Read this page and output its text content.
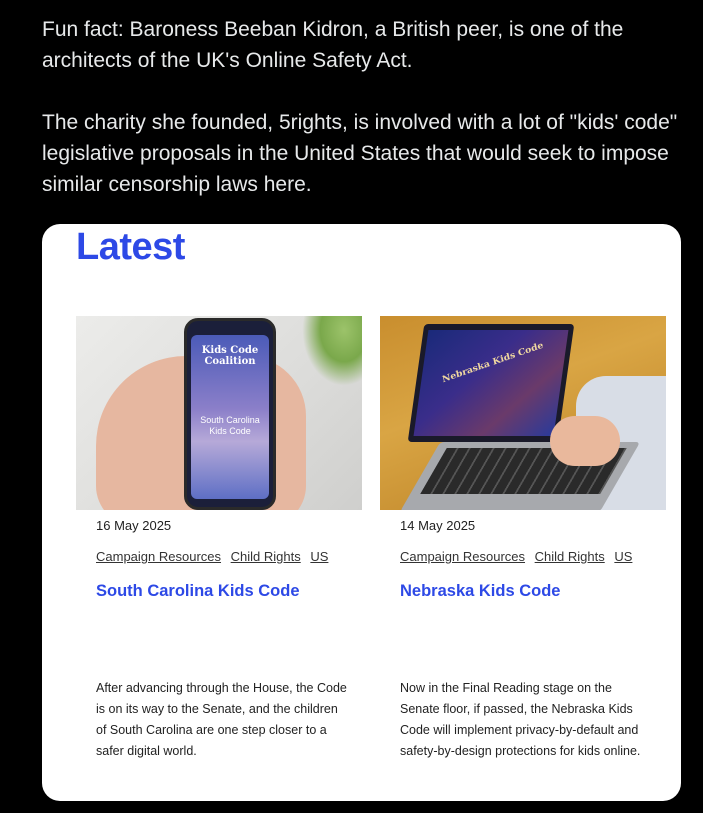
Fun fact: Baroness Beeban Kidron, a British peer, is one of the architects of the UK's Online Safety Act.

The charity she founded, 5rights, is involved with a lot of "kids' code" legislative proposals in the United States that would seek to impose similar censorship laws here.

Latest
Kids Code Coalition
South Carolina Kids Code
16 May 2025
Campaign Resources Child Rights US
South Carolina Kids Code
After advancing through the House, the Code is on its way to the Senate, and the children of South Carolina are one step closer to a safer digital world.
Nebraska Kids Code
14 May 2025
Campaign Resources Child Rights US
Nebraska Kids Code
Now in the Final Reading stage on the Senate floor, if passed, the Nebraska Kids Code will implement privacy-by-default and safety-by-design protections for kids online.
